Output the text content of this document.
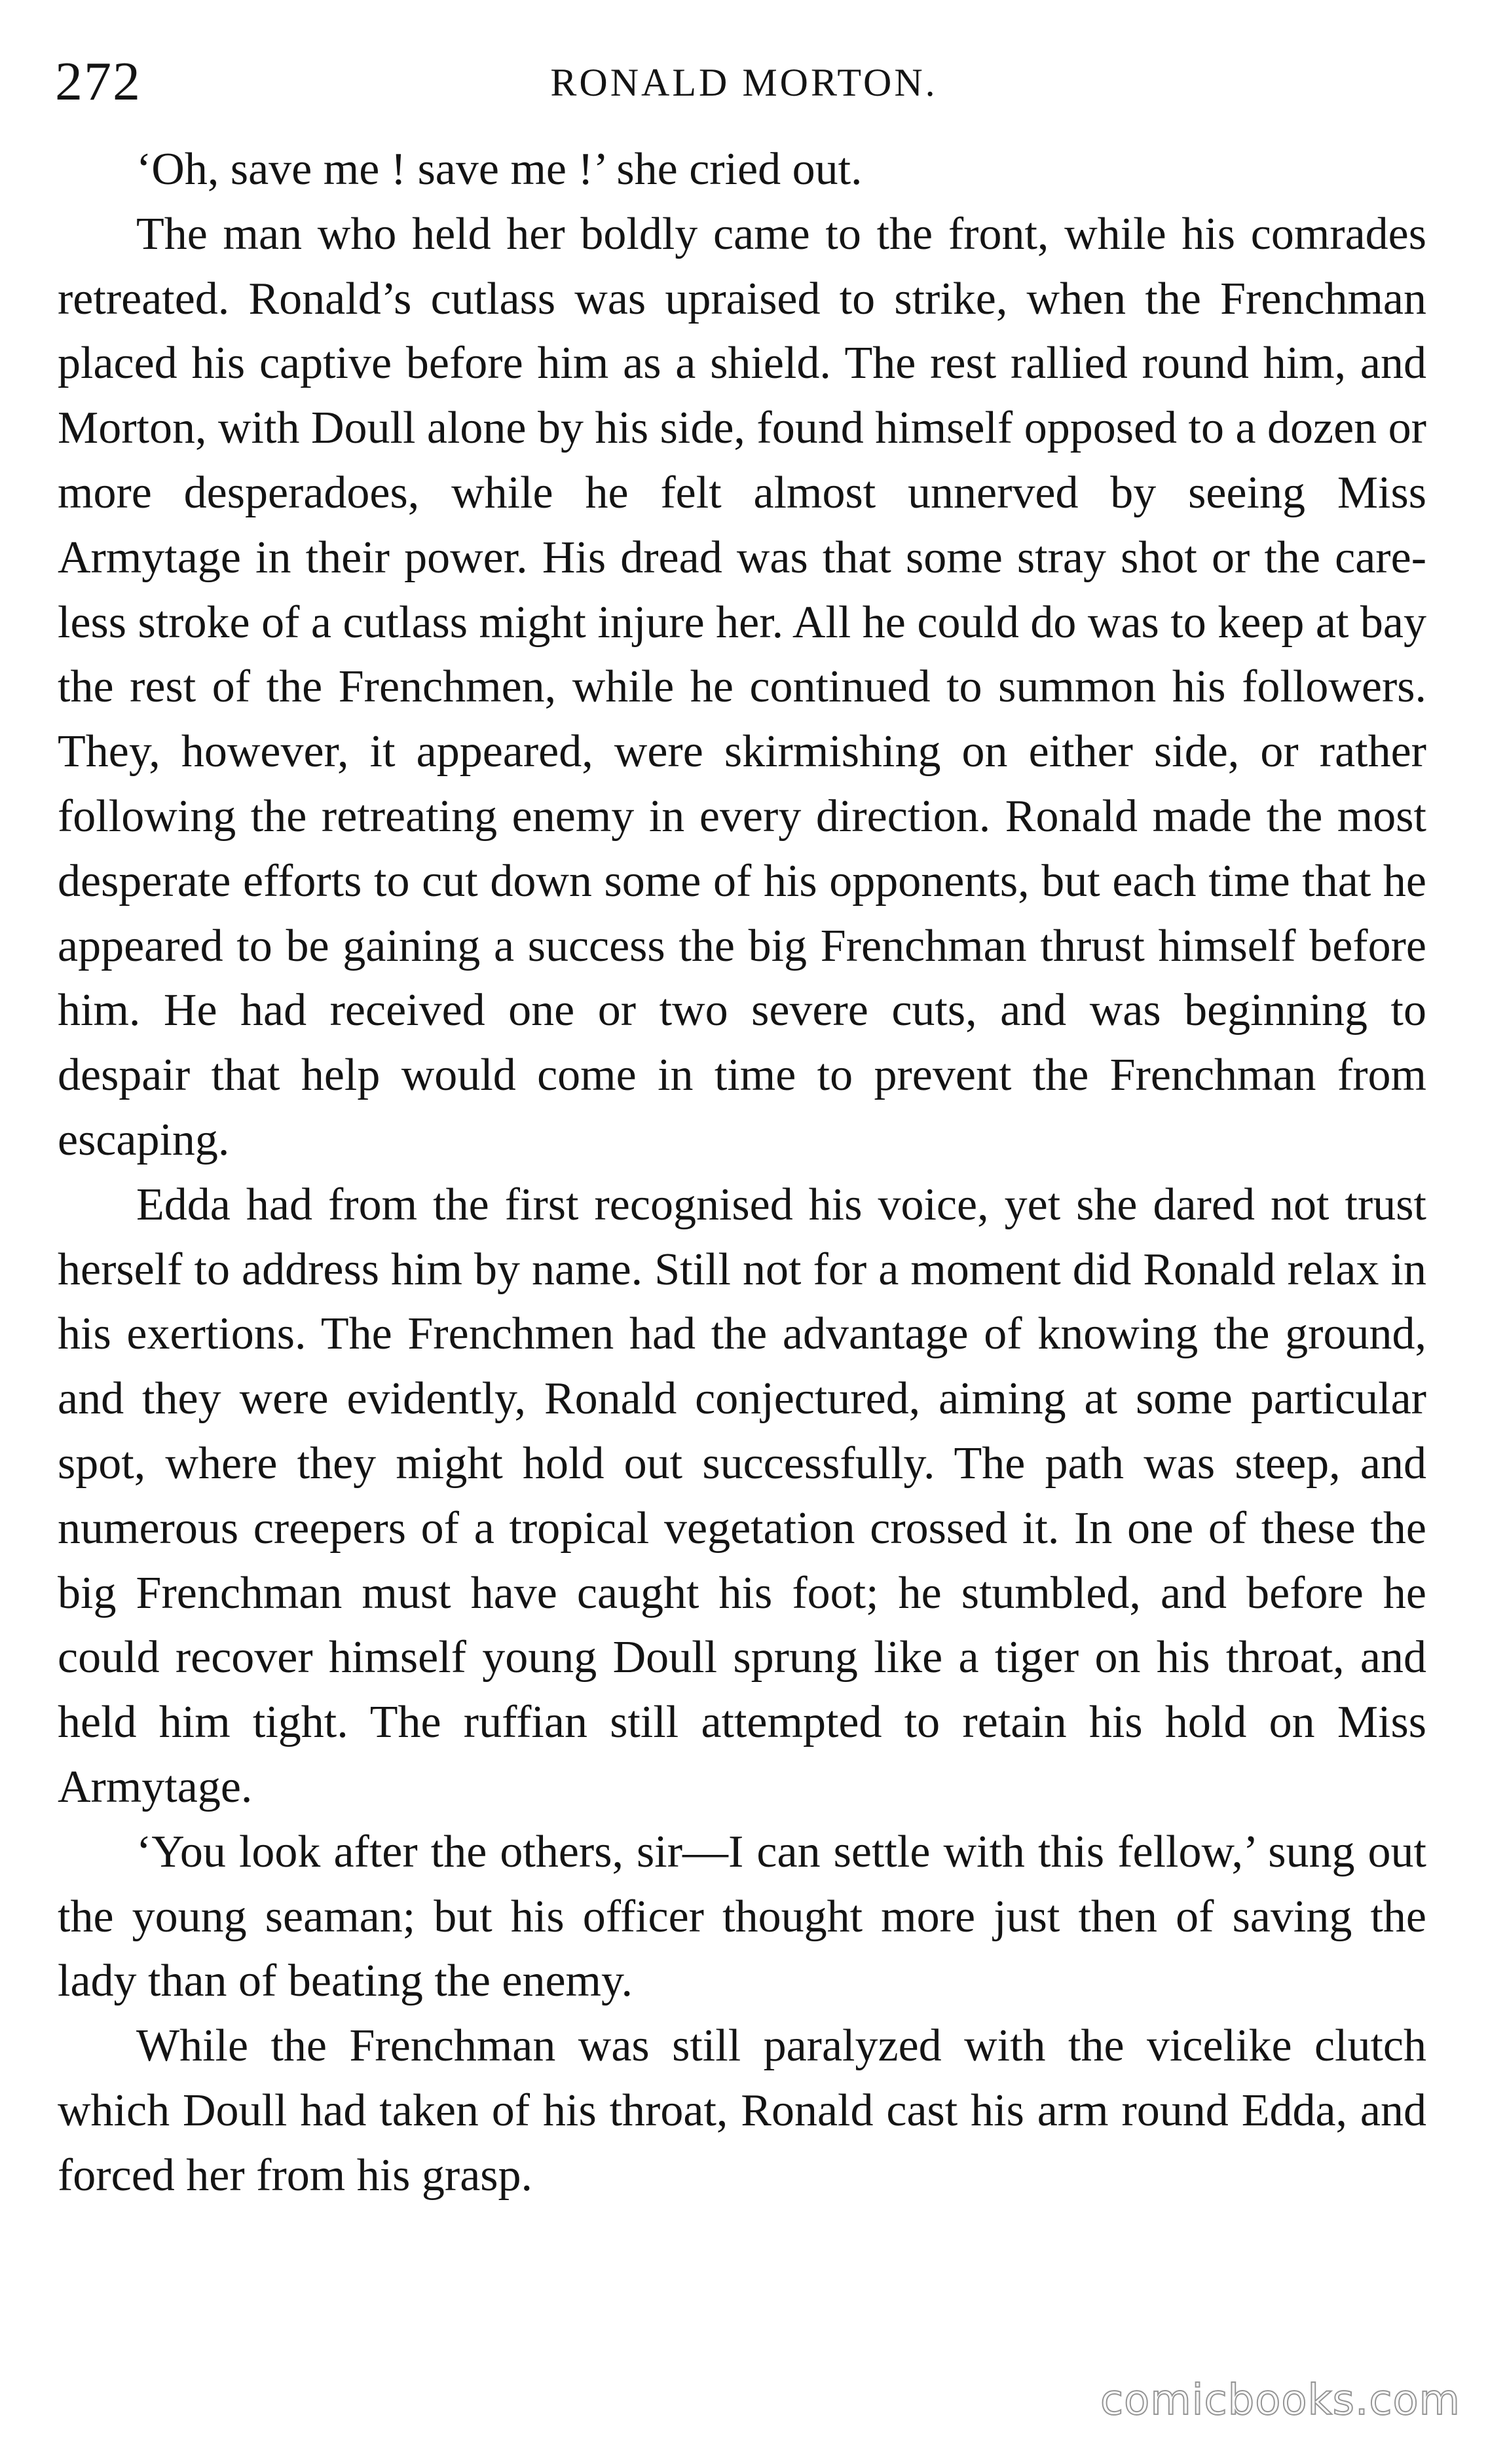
272	RONALD MORTON.

‘Oh, save me ! save me !’ she cried out.

The man who held her boldly came to the front, while his comrades retreated. Ronald’s cutlass was upraised to strike, when the Frenchman placed his captive before him as a shield. The rest rallied round him, and Morton, with Doull alone by his side, found himself opposed to a dozen or more desperadoes, while he felt almost unnerved by seeing Miss Armytage in their power. His dread was that some stray shot or the careless stroke of a cutlass might injure her. All he could do was to keep at bay the rest of the Frenchmen, while he continued to summon his followers. They, however, it appeared, were skirmishing on either side, or rather following the retreating enemy in every direction. Ronald made the most desperate efforts to cut down some of his opponents, but each time that he appeared to be gaining a success the big Frenchman thrust himself before him. He had received one or two severe cuts, and was beginning to despair that help would come in time to prevent the Frenchman from escaping.

Edda had from the first recognised his voice, yet she dared not trust herself to address him by name. Still not for a moment did Ronald relax in his exertions. The Frenchmen had the advantage of knowing the ground, and they were evidently, Ronald conjectured, aiming at some particular spot, where they might hold out successfully. The path was steep, and numerous creepers of a tropical vegetation crossed it. In one of these the big Frenchman must have caught his foot; he stumbled, and before he could recover himself young Doull sprung like a tiger on his throat, and held him tight. The ruffian still attempted to retain his hold on Miss Armytage.

‘You look after the others, sir—I can settle with this fellow,’ sung out the young seaman; but his officer thought more just then of saving the lady than of beating the enemy.

While the Frenchman was still paralyzed with the vicelike clutch which Doull had taken of his throat, Ronald cast his arm round Edda, and forced her from his grasp.

comicbooks.com
